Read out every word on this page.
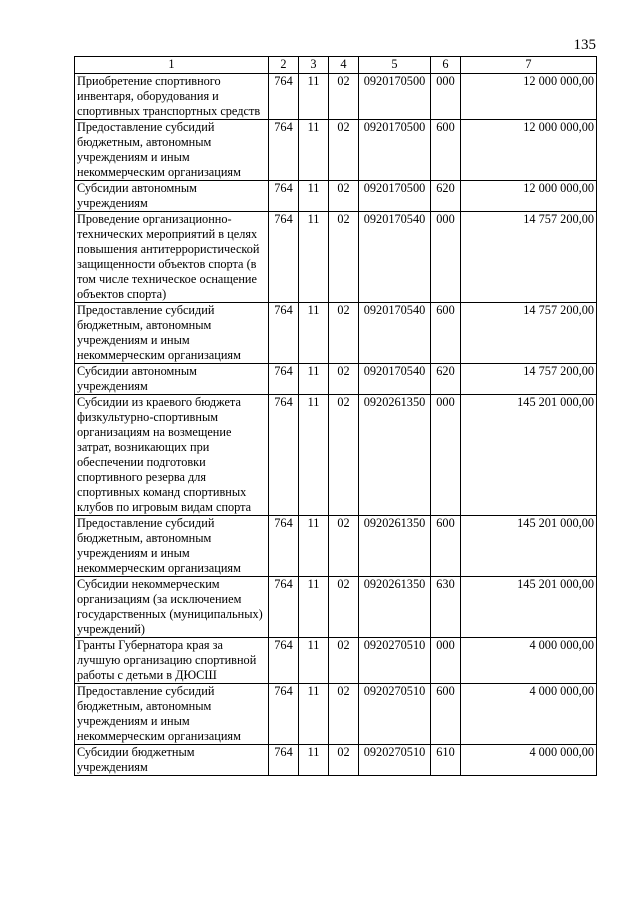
135
1	2	3	4	5	6	7
Приобретение спортивного инвентаря, оборудования и спортивных транспортных средств	764	11	02	0920170500	000	12 000 000,00
Предоставление субсидий бюджетным, автономным учреждениям и иным некоммерческим организациям	764	11	02	0920170500	600	12 000 000,00
Субсидии автономным учреждениям	764	11	02	0920170500	620	12 000 000,00
Проведение организационно-технических мероприятий в целях повышения антитеррористической защищенности объектов спорта (в том числе техническое оснащение объектов спорта)	764	11	02	0920170540	000	14 757 200,00
Предоставление субсидий бюджетным, автономным учреждениям и иным некоммерческим организациям	764	11	02	0920170540	600	14 757 200,00
Субсидии автономным учреждениям	764	11	02	0920170540	620	14 757 200,00
Субсидии из краевого бюджета физкультурно-спортивным организациям на возмещение затрат, возникающих при обеспечении подготовки спортивного резерва для спортивных команд спортивных клубов по игровым видам спорта	764	11	02	0920261350	000	145 201 000,00
Предоставление субсидий бюджетным, автономным учреждениям и иным некоммерческим организациям	764	11	02	0920261350	600	145 201 000,00
Субсидии некоммерческим организациям (за исключением государственных (муниципальных) учреждений)	764	11	02	0920261350	630	145 201 000,00
Гранты Губернатора края за лучшую организацию спортивной работы с детьми в ДЮСШ	764	11	02	0920270510	000	4 000 000,00
Предоставление субсидий бюджетным, автономным учреждениям и иным некоммерческим организациям	764	11	02	0920270510	600	4 000 000,00
Субсидии бюджетным учреждениям	764	11	02	0920270510	610	4 000 000,00
